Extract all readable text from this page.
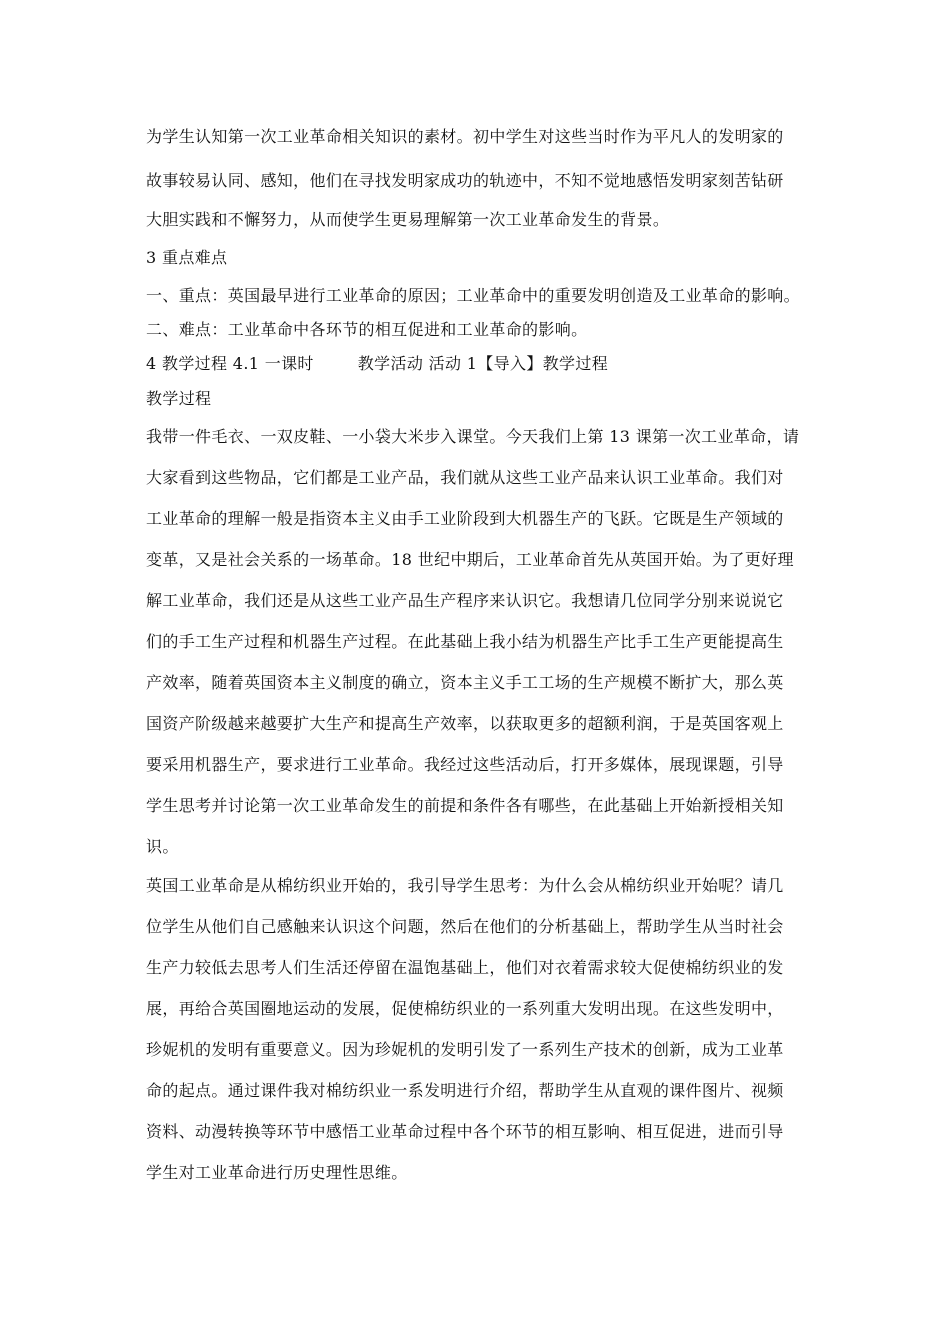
为学生认知第一次工业革命相关知识的素材。初中学生对这些当时作为平凡人的发明家的
故事较易认同、感知，他们在寻找发明家成功的轨迹中，不知不觉地感悟发明家刻苦钻研
大胆实践和不懈努力，从而使学生更易理解第一次工业革命发生的背景。
3 重点难点
一、重点：英国最早进行工业革命的原因；工业革命中的重要发明创造及工业革命的影响。
二、难点：工业革命中各环节的相互促进和工业革命的影响。
4 教学过程 4.1 一课时	教学活动 活动 1【导入】教学过程
教学过程
我带一件毛衣、一双皮鞋、一小袋大米步入课堂。今天我们上第 13 课第一次工业革命，请
大家看到这些物品，它们都是工业产品，我们就从这些工业产品来认识工业革命。我们对
工业革命的理解一般是指资本主义由手工业阶段到大机器生产的飞跃。它既是生产领域的
变革，又是社会关系的一场革命。18 世纪中期后，工业革命首先从英国开始。为了更好理
解工业革命，我们还是从这些工业产品生产程序来认识它。我想请几位同学分别来说说它
们的手工生产过程和机器生产过程。在此基础上我小结为机器生产比手工生产更能提高生
产效率，随着英国资本主义制度的确立，资本主义手工工场的生产规模不断扩大，那么英
国资产阶级越来越要扩大生产和提高生产效率，以获取更多的超额利润，于是英国客观上
要采用机器生产，要求进行工业革命。我经过这些活动后，打开多媒体，展现课题，引导
学生思考并讨论第一次工业革命发生的前提和条件各有哪些，在此基础上开始新授相关知
识。
英国工业革命是从棉纺织业开始的，我引导学生思考：为什么会从棉纺织业开始呢？请几
位学生从他们自己感触来认识这个问题，然后在他们的分析基础上，帮助学生从当时社会
生产力较低去思考人们生活还停留在温饱基础上，他们对衣着需求较大促使棉纺织业的发
展，再给合英国圈地运动的发展，促使棉纺织业的一系列重大发明出现。在这些发明中，
珍妮机的发明有重要意义。因为珍妮机的发明引发了一系列生产技术的创新，成为工业革
命的起点。通过课件我对棉纺织业一系发明进行介绍，帮助学生从直观的课件图片、视频
资料、动漫转换等环节中感悟工业革命过程中各个环节的相互影响、相互促进，进而引导
学生对工业革命进行历史理性思维。
